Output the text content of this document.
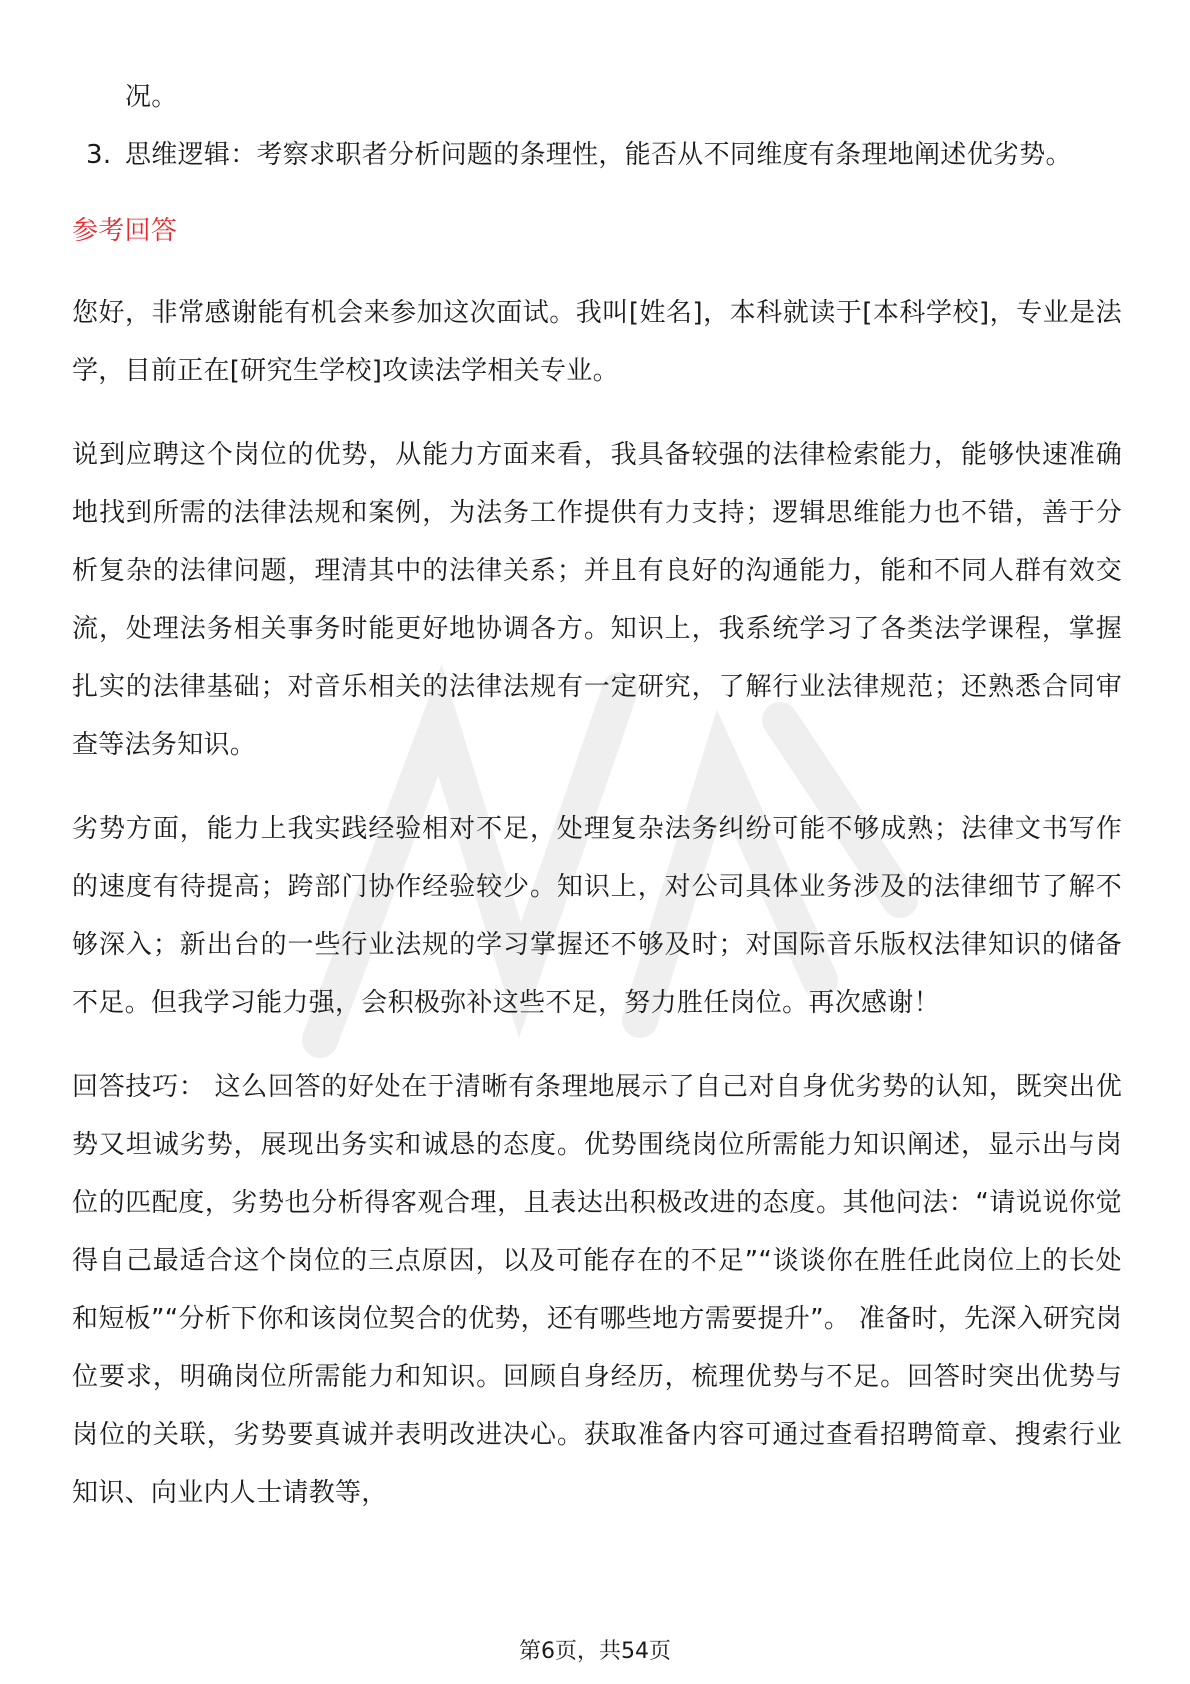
况。

3. 思维逻辑：考察求职者分析问题的条理性，能否从不同维度有条理地阐述优劣势。
参考回答

您好，非常感谢能有机会来参加这次面试。我叫[姓名]，本科就读于[本科学校]，专业是法学，目前正在[研究生学校]攻读法学相关专业。

说到应聘这个岗位的优势，从能力方面来看，我具备较强的法律检索能力，能够快速准确地找到所需的法律法规和案例，为法务工作提供有力支持；逻辑思维能力也不错，善于分析复杂的法律问题，理清其中的法律关系；并且有良好的沟通能力，能和不同人群有效交流，处理法务相关事务时能更好地协调各方。知识上，我系统学习了各类法学课程，掌握扎实的法律基础；对音乐相关的法律法规有一定研究，了解行业法律规范；还熟悉合同审查等法务知识。

劣势方面，能力上我实践经验相对不足，处理复杂法务纠纷可能不够成熟；法律文书写作的速度有待提高；跨部门协作经验较少。知识上，对公司具体业务涉及的法律细节了解不够深入；新出台的一些行业法规的学习掌握还不够及时；对国际音乐版权法律知识的储备不足。但我学习能力强，会积极弥补这些不足，努力胜任岗位。再次感谢！

回答技巧： 这么回答的好处在于清晰有条理地展示了自己对自身优劣势的认知，既突出优势又坦诚劣势，展现出务实和诚恳的态度。优势围绕岗位所需能力知识阐述，显示出与岗位的匹配度，劣势也分析得客观合理，且表达出积极改进的态度。其他问法：“请说说你觉得自己最适合这个岗位的三点原因，以及可能存在的不足”“谈谈你在胜任此岗位上的长处和短板”“分析下你和该岗位契合的优势，还有哪些地方需要提升”。 准备时，先深入研究岗位要求，明确岗位所需能力和知识。回顾自身经历，梳理优势与不足。回答时突出优势与岗位的关联，劣势要真诚并表明改进决心。获取准备内容可通过查看招聘简章、搜索行业知识、向业内人士请教等，

第6页，共54页
